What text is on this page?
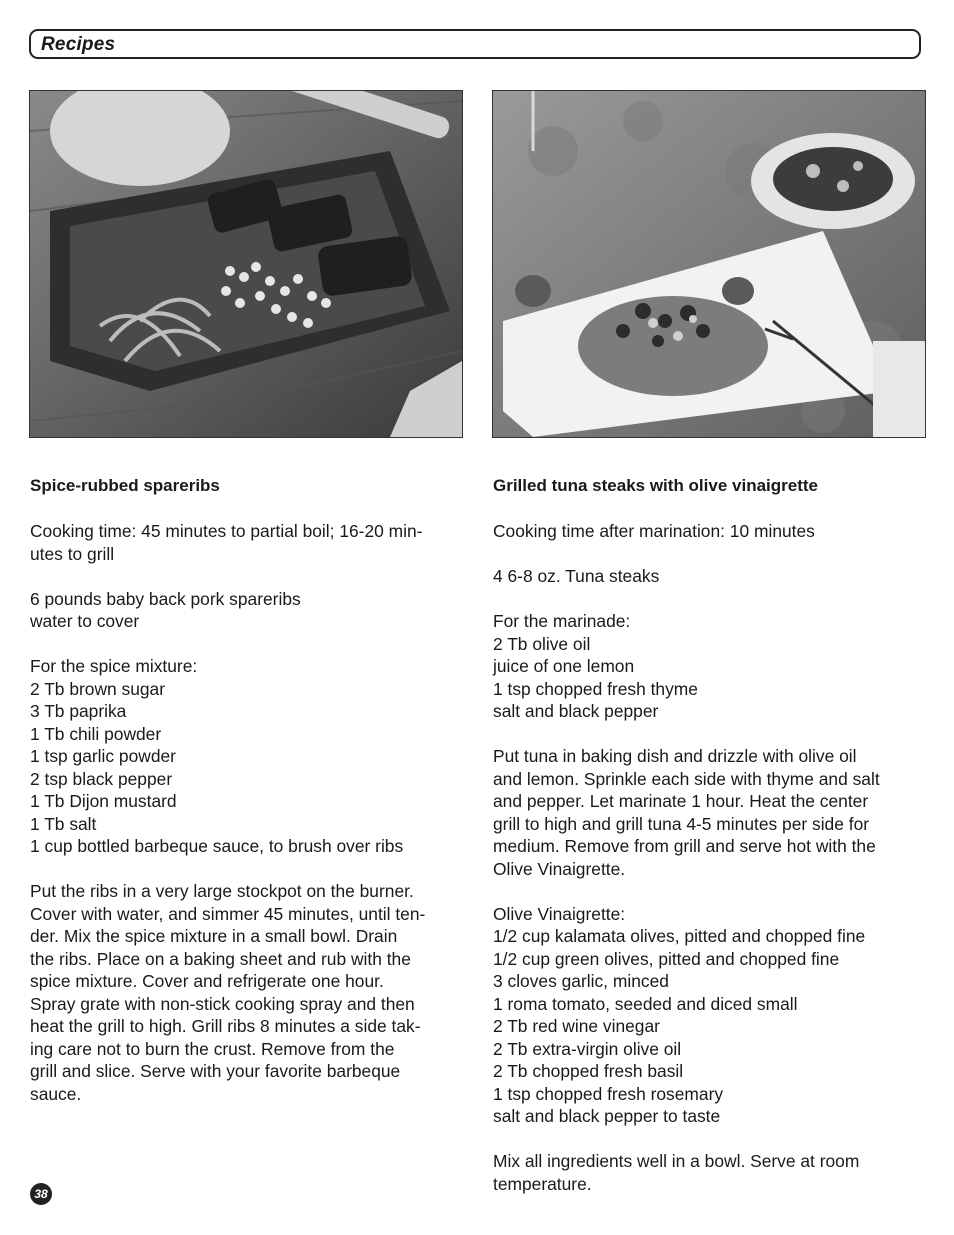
Recipes

Spice-rubbed spareribs

Cooking time: 45 minutes to partial boil; 16-20 min-

utes to grill

6 pounds baby back pork spareribs

water to cover

For the spice mixture:

2 Tb brown sugar

3 Tb paprika

1 Tb chili powder

1 tsp garlic powder

2 tsp black pepper

1 Tb Dijon mustard

1 Tb salt

1 cup bottled barbeque sauce, to brush over ribs

Put the ribs in a very large stockpot on the burner.

Cover with water, and simmer 45 minutes, until ten-

der. Mix the spice mixture in a small bowl. Drain

the ribs. Place on a baking sheet and rub with the

spice mixture. Cover and refrigerate one hour.

Spray grate with non-stick cooking spray and then

heat the grill to high. Grill ribs 8 minutes a side tak-

ing care not to burn the crust. Remove from the

grill and slice. Serve with your favorite barbeque

sauce.

Grilled tuna steaks with olive vinaigrette

Cooking time after marination: 10 minutes

4 6-8 oz. Tuna steaks

For the marinade:

2 Tb olive oil

juice of one lemon

1 tsp chopped fresh thyme

salt and black pepper

Put tuna in baking dish and drizzle with olive oil

and lemon. Sprinkle each side with thyme and salt

and pepper. Let marinate 1 hour. Heat the center

grill to high and grill tuna 4-5 minutes per side for

medium. Remove from grill and serve hot with the

Olive Vinaigrette.

Olive Vinaigrette:

1/2 cup kalamata olives, pitted and chopped fine

1/2 cup green olives, pitted and chopped fine

3 cloves garlic, minced

1 roma tomato, seeded and diced small

2 Tb red wine vinegar

2 Tb extra-virgin olive oil

2 Tb chopped fresh basil

1 tsp chopped fresh rosemary

salt and black pepper to taste

Mix all ingredients well in a bowl. Serve at room

temperature.

38
